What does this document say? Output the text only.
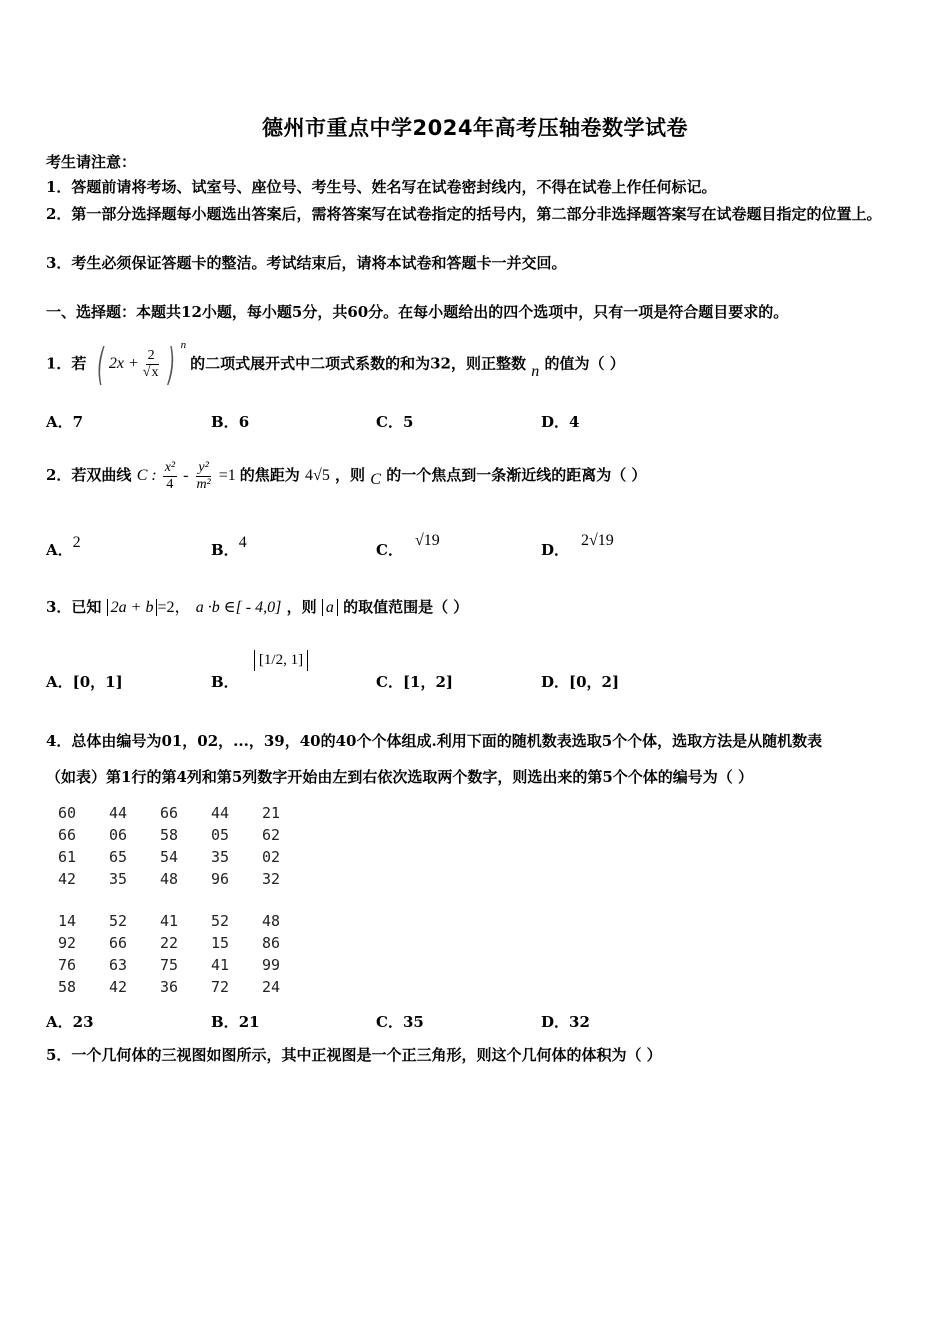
德州市重点中学2024年高考压轴卷数学试卷
考生请注意：
1．答题前请将考场、试室号、座位号、考生号、姓名写在试卷密封线内，不得在试卷上作任何标记。
2．第一部分选择题每小题选出答案后，需将答案写在试卷指定的括号内，第二部分非选择题答案写在试卷题目指定的位置上。
3．考生必须保证答题卡的整洁。考试结束后，请将本试卷和答题卡一并交回。
一、选择题：本题共12小题，每小题5分，共60分。在每小题给出的四个选项中，只有一项是符合题目要求的。
1．若 ( $2x + \frac{2}{√x}$ ) $^n$ 的二项式展开式中二项式系数的和为32，则正整数 n 的值为（ ）
A．7	B．6	C．5	D．4
2．若双曲线 C : $\frac{\text{x²}}{4} - \frac{\text{y²}}{\text{m²}} =1$ 的焦距为 4√5 ，则 C 的一个焦点到一条渐近线的距离为（ ）
A．2	B．4	C．√19
D．2√19
3．已知 2a + b =2， a ·b ∈[ - 4,0] ，则 a 的取值范围是（ ）
A．[0，1]	B． [1/2, 1]
C．[1，2]	D．[0，2]
4．总体由编号为01，02，...，39，40的40个个体组成.利用下面的随机数表选取5个个体，选取方法是从随机数表
（如表）第1行的第4列和第5列数字开始由左到右依次选取两个数字，则选出来的第5个个体的编号为（ ）
60 44 66 44 21
66 06 58 05 62
61 65 54 35 02
42 35 48 96 32
14 52 41 52 48
92 66 22 15 86
76 63 75 41 99
58 42 36 72 24
A．23	B．21	C．35	D．32
5．一个几何体的三视图如图所示，其中正视图是一个正三角形，则这个几何体的体积为（ ）
